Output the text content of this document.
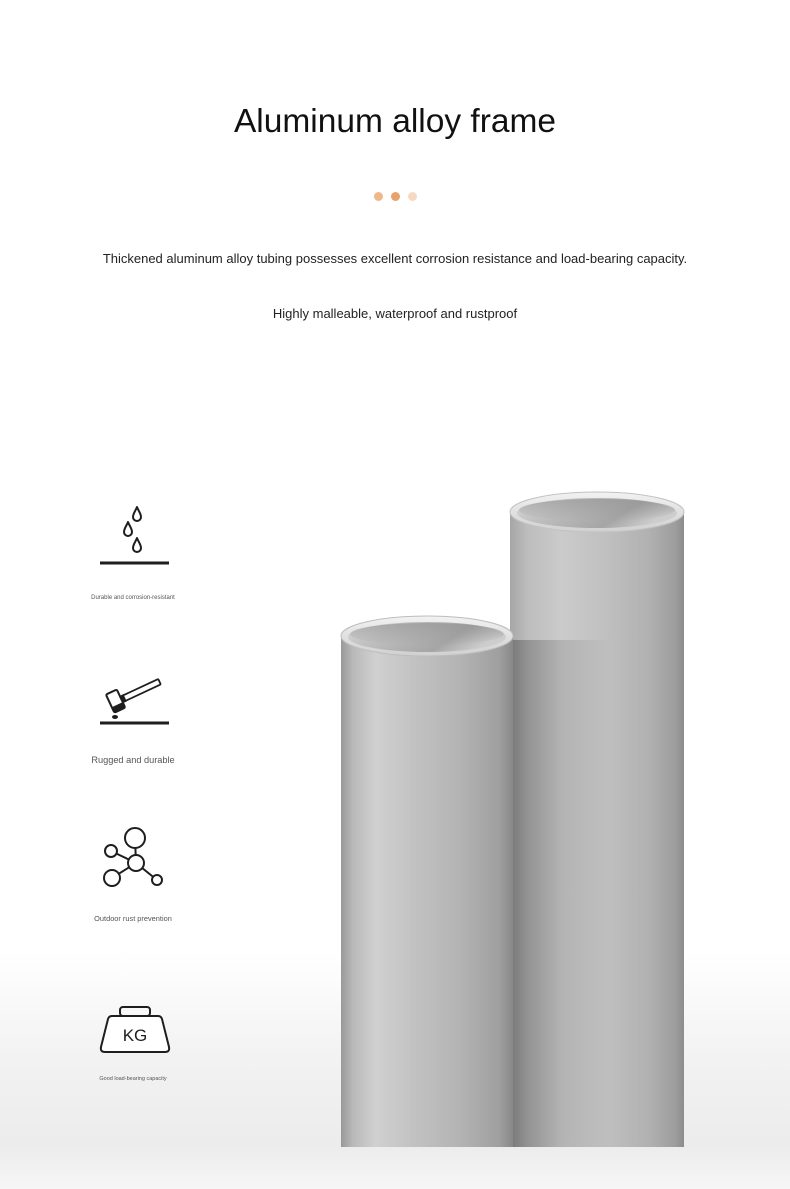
Aluminum alloy frame
Thickened aluminum alloy tubing possesses excellent corrosion resistance and load-bearing capacity.
Highly malleable, waterproof and rustproof
Durable and corrosion-resistant
Rugged and durable
Outdoor rust prevention
KG
Good load-bearing capacity
